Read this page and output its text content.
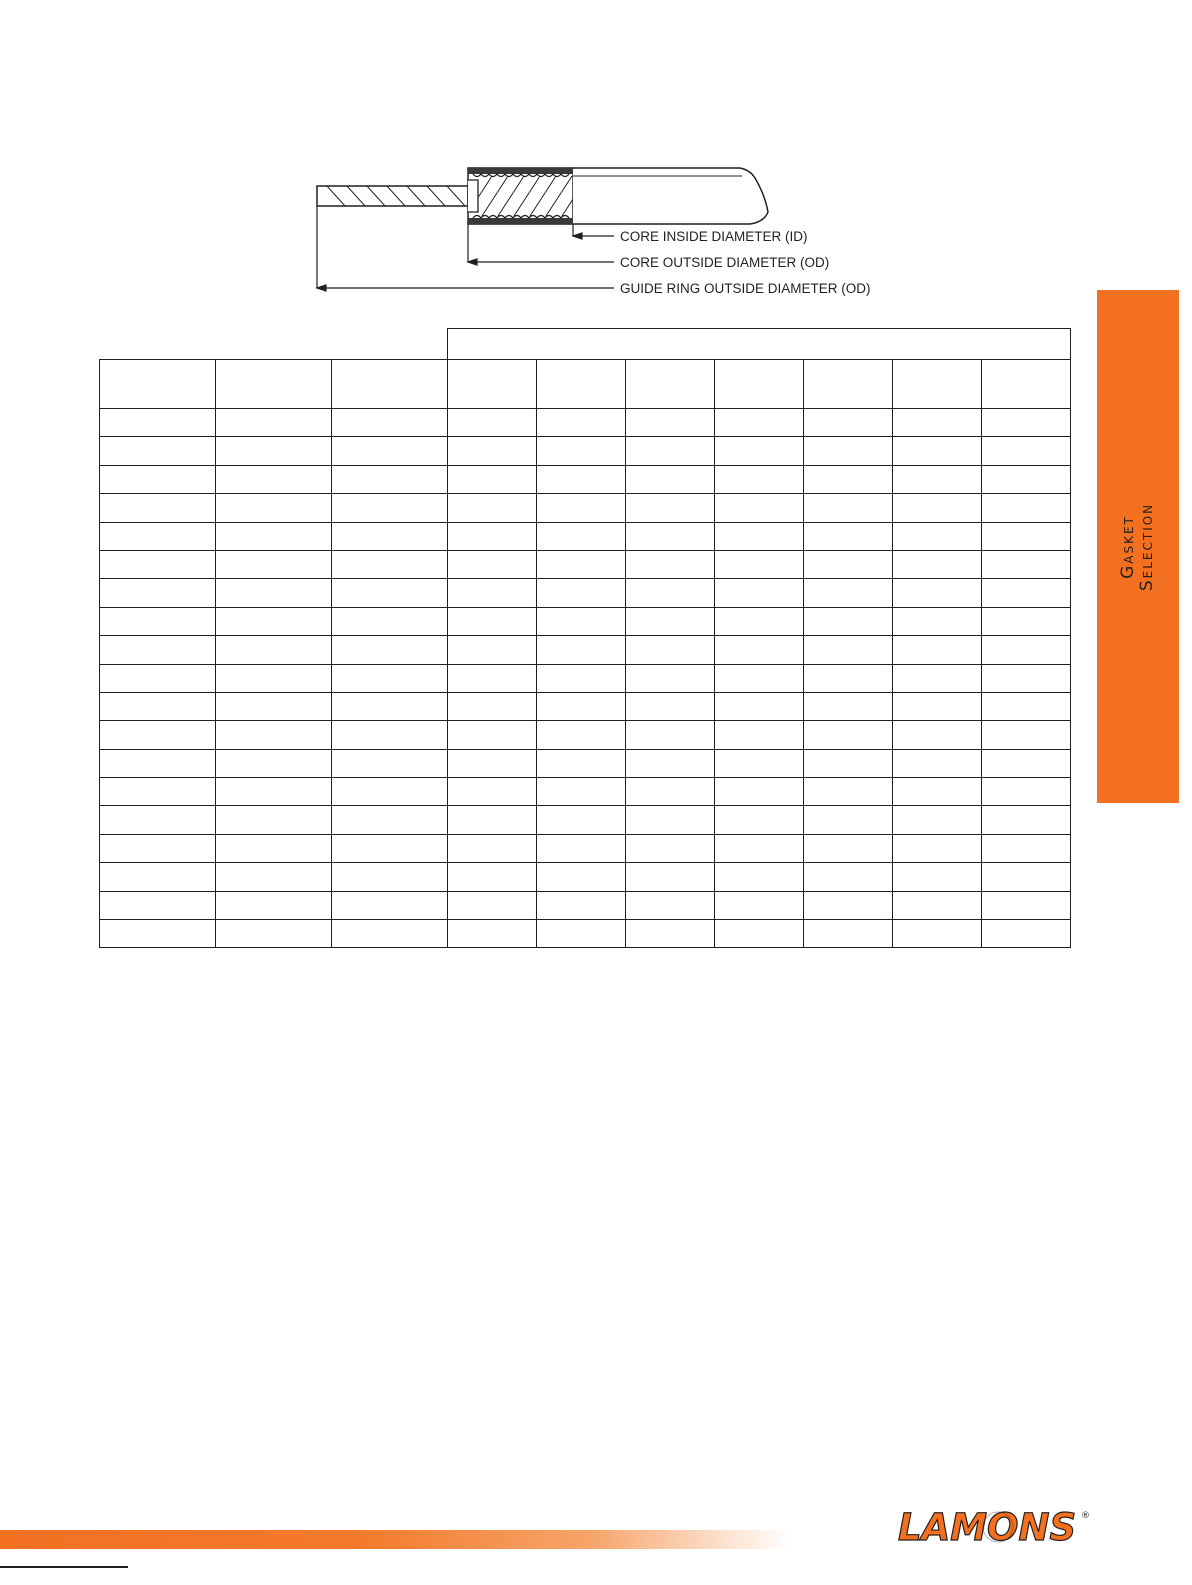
CORE INSIDE DIAMETER (ID)
CORE OUTSIDE DIAMETER (OD)
GUIDE RING OUTSIDE DIAMETER (OD)

Gasket Selection
LAMONS ®
